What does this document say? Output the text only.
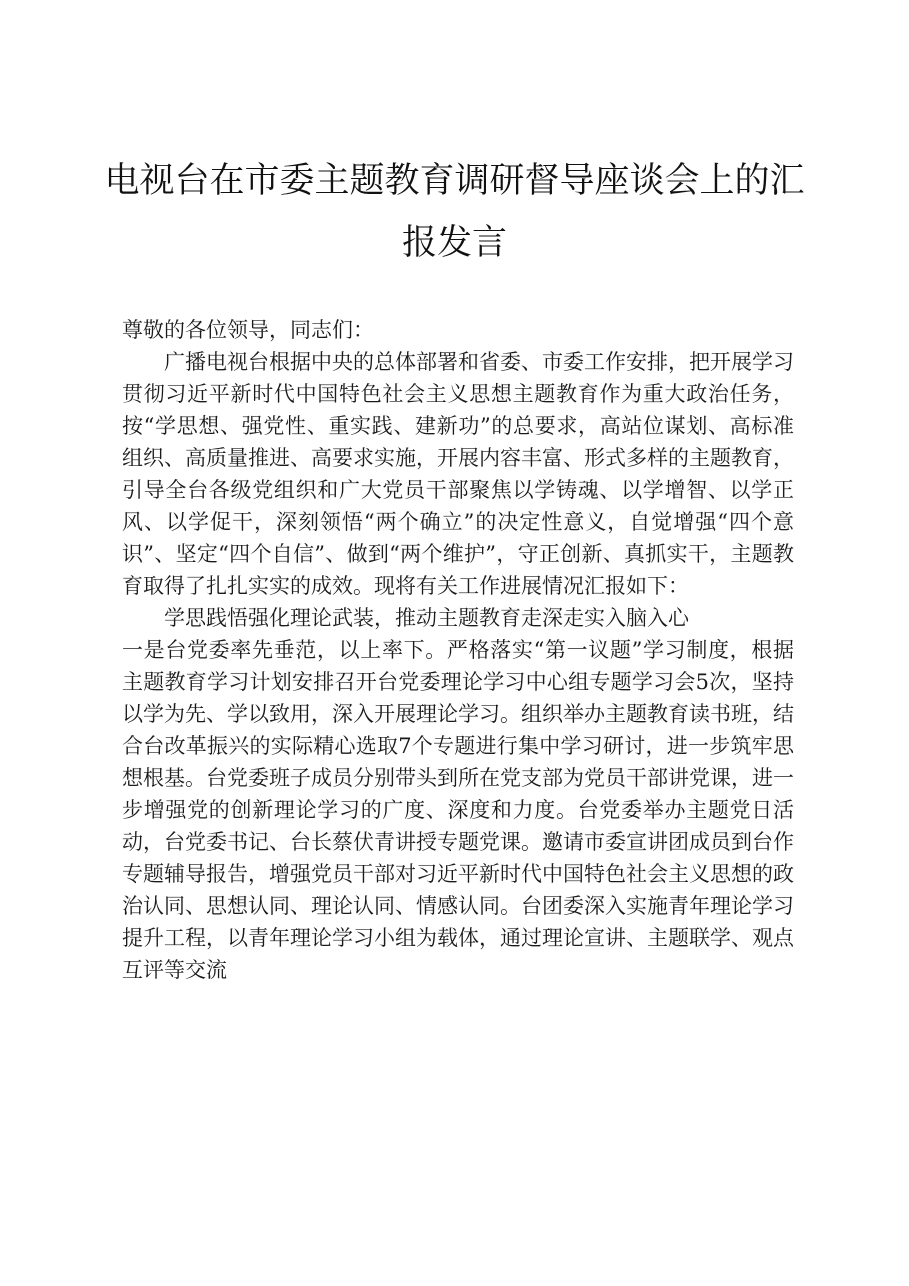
电视台在市委主题教育调研督导座谈会上的汇报发言

尊敬的各位领导，同志们：

广播电视台根据中央的总体部署和省委、市委工作安排，把开展学习贯彻习近平新时代中国特色社会主义思想主题教育作为重大政治任务，按“学思想、强党性、重实践、建新功”的总要求，高站位谋划、高标准组织、高质量推进、高要求实施，开展内容丰富、形式多样的主题教育，引导全台各级党组织和广大党员干部聚焦以学铸魂、以学增智、以学正风、以学促干，深刻领悟“两个确立”的决定性意义，自觉增强“四个意识”、坚定“四个自信”、做到“两个维护”，守正创新、真抓实干，主题教育取得了扎扎实实的成效。现将有关工作进展情况汇报如下：

学思践悟强化理论武装，推动主题教育走深走实入脑入心

一是台党委率先垂范，以上率下。严格落实“第一议题”学习制度，根据主题教育学习计划安排召开台党委理论学习中心组专题学习会5次，坚持以学为先、学以致用，深入开展理论学习。组织举办主题教育读书班，结合台改革振兴的实际精心选取7个专题进行集中学习研讨，进一步筑牢思想根基。台党委班子成员分别带头到所在党支部为党员干部讲党课，进一步增强党的创新理论学习的广度、深度和力度。台党委举办主题党日活动，台党委书记、台长蔡伏青讲授专题党课。邀请市委宣讲团成员到台作专题辅导报告，增强党员干部对习近平新时代中国特色社会主义思想的政治认同、思想认同、理论认同、情感认同。台团委深入实施青年理论学习提升工程，以青年理论学习小组为载体，通过理论宣讲、主题联学、观点互评等交流
